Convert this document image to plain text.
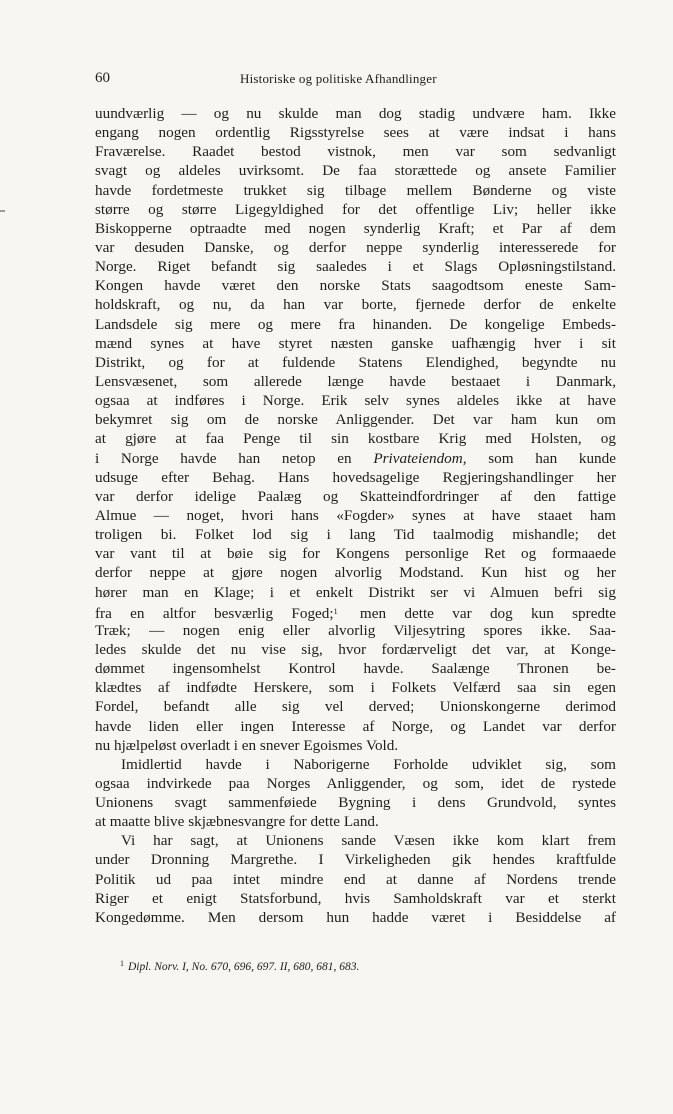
60	Historiske og politiske Afhandlinger
uundværlig — og nu skulde man dog stadig undvære ham. Ikke
engang nogen ordentlig Rigsstyrelse sees at være indsat i hans
Fraværelse. Raadet bestod vistnok, men var som sedvanligt
svagt og aldeles uvirksomt. De faa storættede og ansete Familier
havde fordetmeste trukket sig tilbage mellem Bønderne og viste
større og større Ligegyldighed for det offentlige Liv; heller ikke
Biskopperne optraadte med nogen synderlig Kraft; et Par af dem
var desuden Danske, og derfor neppe synderlig interesserede for
Norge. Riget befandt sig saaledes i et Slags Opløsningstilstand.
Kongen havde været den norske Stats saagodtsom eneste Sam-
holdskraft, og nu, da han var borte, fjernede derfor de enkelte
Landsdele sig mere og mere fra hinanden. De kongelige Embeds-
mænd synes at have styret næsten ganske uafhængig hver i sit
Distrikt, og for at fuldende Statens Elendighed, begyndte nu
Lensvæsenet, som allerede længe havde bestaaet i Danmark,
ogsaa at indføres i Norge. Erik selv synes aldeles ikke at have
bekymret sig om de norske Anliggender. Det var ham kun om
at gjøre at faa Penge til sin kostbare Krig med Holsten, og
i Norge havde han netop en Privateiendom, som han kunde
udsuge efter Behag. Hans hovedsagelige Regjeringshandlinger her
var derfor idelige Paalæg og Skatteindfordringer af den fattige
Almue — noget, hvori hans «Fogder» synes at have staaet ham
troligen bi. Folket lod sig i lang Tid taalmodig mishandle; det
var vant til at bøie sig for Kongens personlige Ret og formaaede
derfor neppe at gjøre nogen alvorlig Modstand. Kun hist og her
hører man en Klage; i et enkelt Distrikt ser vi Almuen befri sig
fra en altfor besværlig Foged;$^1$ men dette var dog kun spredte
Træk; — nogen enig eller alvorlig Viljesytring spores ikke. Saa-
ledes skulde det nu vise sig, hvor fordærveligt det var, at Konge-
dømmet ingensomhelst Kontrol havde. Saalænge Thronen be-
klædtes af indfødte Herskere, som i Folkets Velfærd saa sin egen
Fordel, befandt alle sig vel derved; Unionskongerne derimod
havde liden eller ingen Interesse af Norge, og Landet var derfor
nu hjælpeløst overladt i en snever Egoismes Vold.
Imidlertid havde i Naborigerne Forholde udviklet sig, som
ogsaa indvirkede paa Norges Anliggender, og som, idet de rystede
Unionens svagt sammenføiede Bygning i dens Grundvold, syntes
at maatte blive skjæbnesvangre for dette Land.
Vi har sagt, at Unionens sande Væsen ikke kom klart frem
under Dronning Margrethe. I Virkeligheden gik hendes kraftfulde
Politik ud paa intet mindre end at danne af Nordens trende
Riger et enigt Statsforbund, hvis Samholdskraft var et sterkt
Kongedømme. Men dersom hun hadde været i Besiddelse af
$^1$ Dipl. Norv. I, No. 670, 696, 697. II, 680, 681, 683.
